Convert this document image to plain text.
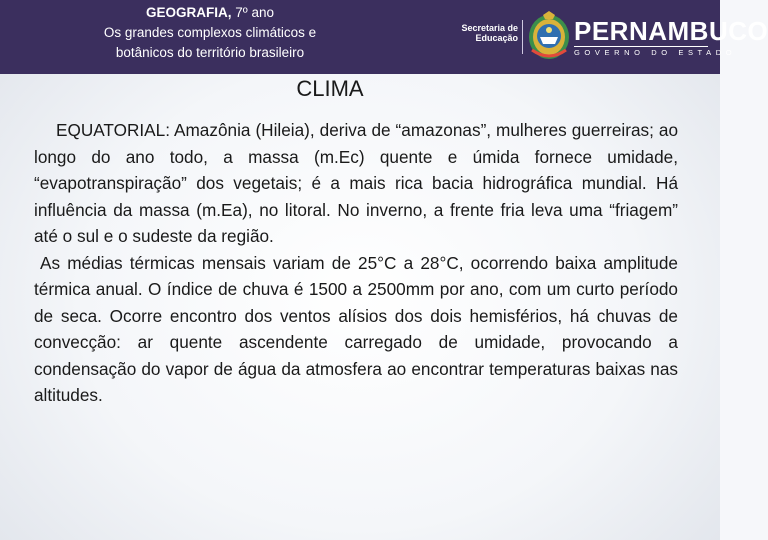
GEOGRAFIA, 7º ano
Os grandes complexos climáticos e
botânicos do território brasileiro
Secretaria de
Educação PERNAMBUCO
GOVERNO DO ESTADO
CLIMA

EQUATORIAL: Amazônia (Hileia), deriva de “amazonas”, mulheres guerreiras; ao longo do ano todo, a massa (m.Ec) quente e úmida fornece umidade, “evapotranspiração” dos vegetais; é a mais rica bacia hidrográfica mundial. Há influência da massa (m.Ea), no litoral. No inverno, a frente fria leva uma “friagem” até o sul e o sudeste da região.

As médias térmicas mensais variam de 25°C a 28°C, ocorrendo baixa amplitude térmica anual. O índice de chuva é 1500 a 2500mm por ano, com um curto período de seca. Ocorre encontro dos ventos alísios dos dois hemisférios, há chuvas de convecção: ar quente ascendente carregado de umidade, provocando a condensação do vapor de água da atmosfera ao encontrar temperaturas baixas nas altitudes.
